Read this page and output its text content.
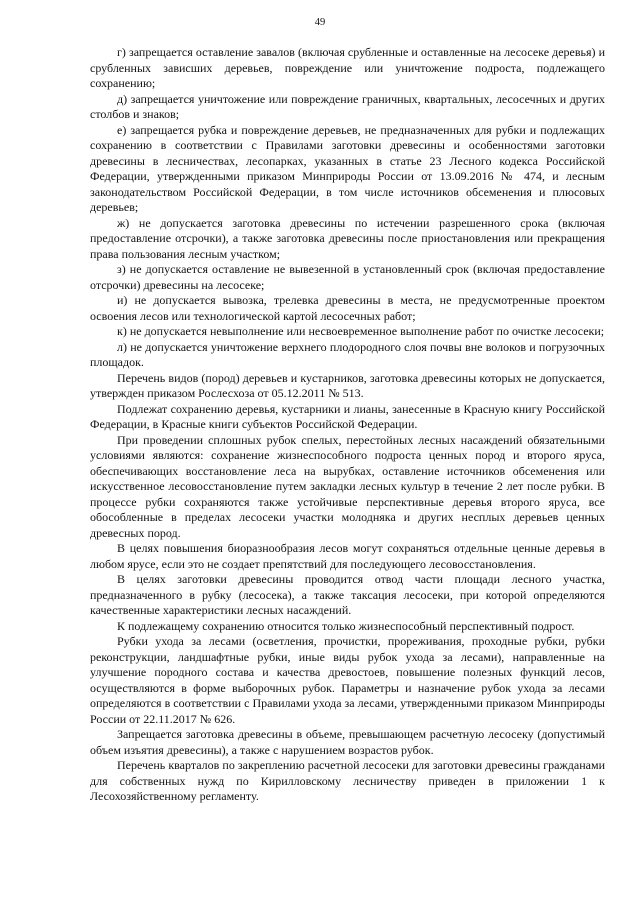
49

г) запрещается оставление завалов (включая срубленные и оставленные на лесосеке деревья) и срубленных зависших деревьев, повреждение или уничтожение подроста, подлежащего сохранению;

д) запрещается уничтожение или повреждение граничных, квартальных, лесосечных и других столбов и знаков;

е) запрещается рубка и повреждение деревьев, не предназначенных для рубки и подлежащих сохранению в соответствии с Правилами заготовки древесины и особенностями заготовки древесины в лесничествах, лесопарках, указанных в статье 23 Лесного кодекса Российской Федерации, утвержденными приказом Минприроды России от 13.09.2016 № 474, и лесным законодательством Российской Федерации, в том числе источников обсеменения и плюсовых деревьев;

ж) не допускается заготовка древесины по истечении разрешенного срока (включая предоставление отсрочки), а также заготовка древесины после приостановления или прекращения права пользования лесным участком;

з) не допускается оставление не вывезенной в установленный срок (включая предоставление отсрочки) древесины на лесосеке;

и) не допускается вывозка, трелевка древесины в места, не предусмотренные проектом освоения лесов или технологической картой лесосечных работ;

к) не допускается невыполнение или несвоевременное выполнение работ по очистке лесосеки;

л) не допускается уничтожение верхнего плодородного слоя почвы вне волоков и погрузочных площадок.

Перечень видов (пород) деревьев и кустарников, заготовка древесины которых не допускается, утвержден приказом Рослесхоза от 05.12.2011 № 513.

Подлежат сохранению деревья, кустарники и лианы, занесенные в Красную книгу Российской Федерации, в Красные книги субъектов Российской Федерации.

При проведении сплошных рубок спелых, перестойных лесных насаждений обязательными условиями являются: сохранение жизнеспособного подроста ценных пород и второго яруса, обеспечивающих восстановление леса на вырубках, оставление источников обсеменения или искусственное лесовосстановление путем закладки лесных культур в течение 2 лет после рубки. В процессе рубки сохраняются также устойчивые перспективные деревья второго яруса, все обособленные в пределах лесосеки участки молодняка и других несплых деревьев ценных древесных пород.

В целях повышения биоразнообразия лесов могут сохраняться отдельные ценные деревья в любом ярусе, если это не создает препятствий для последующего лесовосстановления.

В целях заготовки древесины проводится отвод части площади лесного участка, предназначенного в рубку (лесосека), а также таксация лесосеки, при которой определяются качественные характеристики лесных насаждений.

К подлежащему сохранению относится только жизнеспособный перспективный подрост.

Рубки ухода за лесами (осветления, прочистки, прореживания, проходные рубки, рубки реконструкции, ландшафтные рубки, иные виды рубок ухода за лесами), направленные на улучшение породного состава и качества древостоев, повышение полезных функций лесов, осуществляются в форме выборочных рубок. Параметры и назначение рубок ухода за лесами определяются в соответствии с Правилами ухода за лесами, утвержденными приказом Минприроды России от 22.11.2017 № 626.

Запрещается заготовка древесины в объеме, превышающем расчетную лесосеку (допустимый объем изъятия древесины), а также с нарушением возрастов рубок.

Перечень кварталов по закреплению расчетной лесосеки для заготовки древесины гражданами для собственных нужд по Кирилловскому лесничеству приведен в приложении 1 к Лесохозяйственному регламенту.
